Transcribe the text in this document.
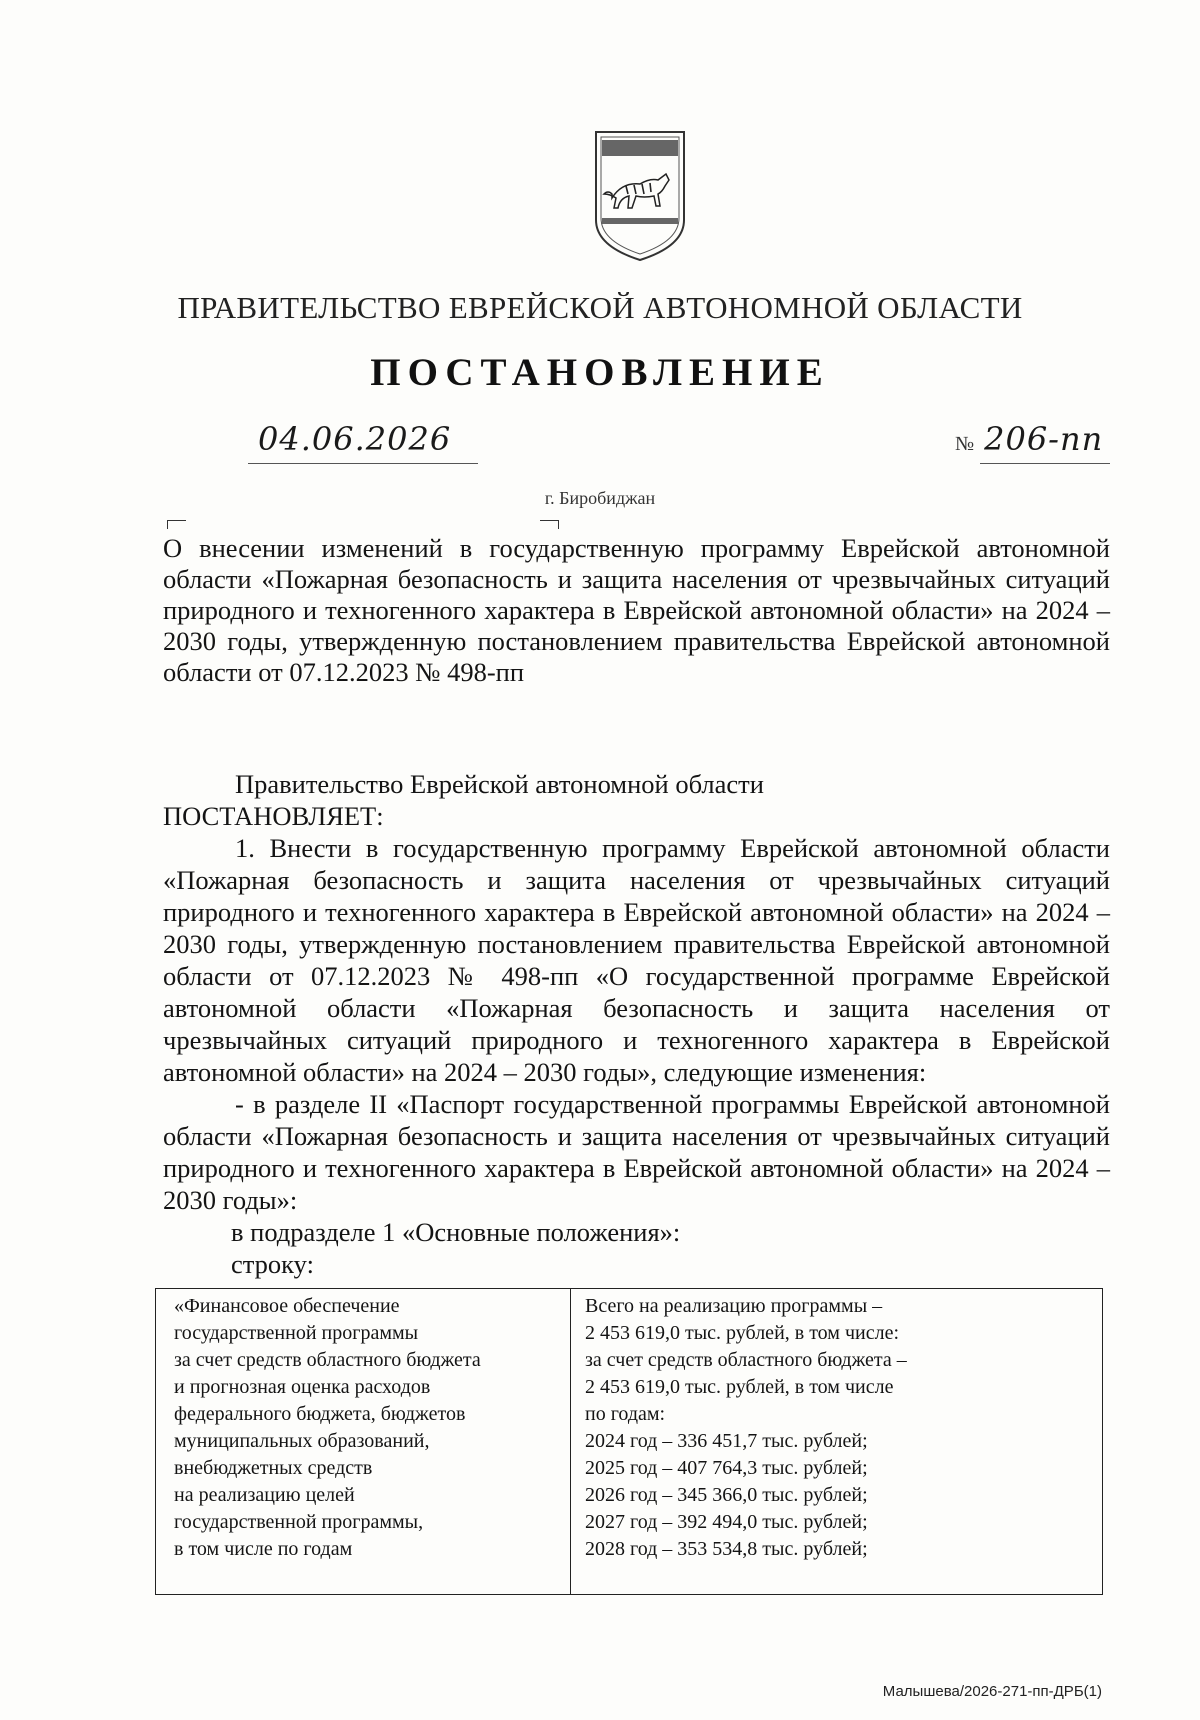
ПРАВИТЕЛЬСТВО ЕВРЕЙСКОЙ АВТОНОМНОЙ ОБЛАСТИ
ПОСТАНОВЛЕНИЕ
04.06.2026	№ 206-пп
г. Биробиджан
О внесении изменений в государственную программу Еврейской автономной области «Пожарная безопасность и защита населения от чрезвычайных ситуаций природного и техногенного характера в Еврейской автономной области» на 2024 – 2030 годы, утвержденную постановлением правительства Еврейской автономной области от 07.12.2023 № 498-пп

Правительство Еврейской автономной области

ПОСТАНОВЛЯЕТ:

1. Внести в государственную программу Еврейской автономной области «Пожарная безопасность и защита населения от чрезвычайных ситуаций природного и техногенного характера в Еврейской автономной области» на 2024 – 2030 годы, утвержденную постановлением правительства Еврейской автономной области от 07.12.2023 № 498-пп «О государственной программе Еврейской автономной области «Пожарная безопасность и защита населения от чрезвычайных ситуаций природного и техногенного характера в Еврейской автономной области» на 2024 – 2030 годы», следующие изменения:

- в разделе II «Паспорт государственной программы Еврейской автономной области «Пожарная безопасность и защита населения от чрезвычайных ситуаций природного и техногенного характера в Еврейской автономной области» на 2024 – 2030 годы»:

в подразделе 1 «Основные положения»:

строку:

«Финансовое обеспечение
государственной программы
за счет средств областного бюджета
и прогнозная оценка расходов
федерального бюджета, бюджетов
муниципальных образований,
внебюджетных средств
на реализацию целей
государственной программы,
в том числе по годам
Всего на реализацию программы –
2 453 619,0 тыс. рублей, в том числе:
за счет средств областного бюджета –
2 453 619,0 тыс. рублей, в том числе
по годам:
2024 год – 336 451,7 тыс. рублей;
2025 год – 407 764,3 тыс. рублей;
2026 год – 345 366,0 тыс. рублей;
2027 год – 392 494,0 тыс. рублей;
2028 год – 353 534,8 тыс. рублей;
Малышева/2026-271-пп-ДРБ(1)
